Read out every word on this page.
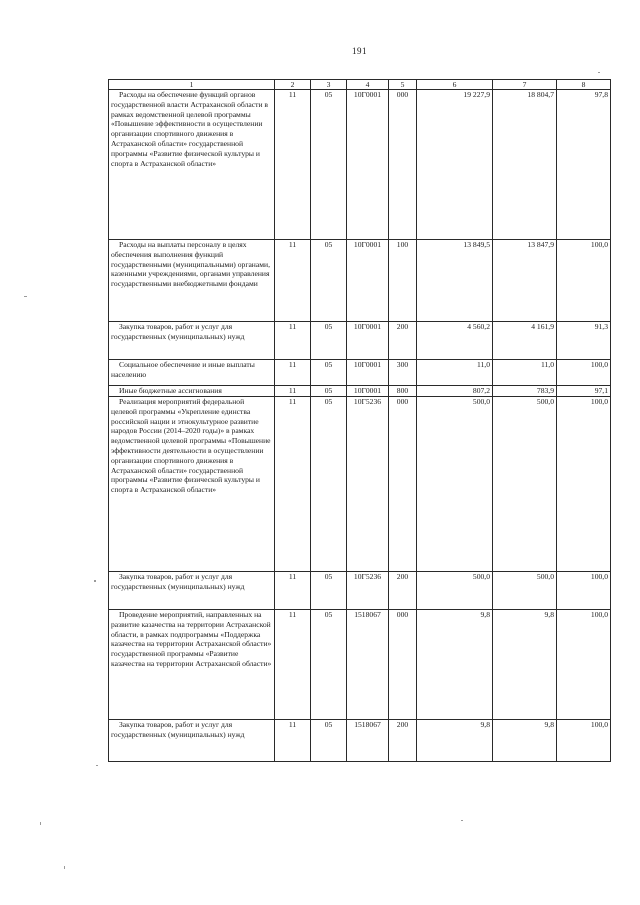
191
1	2	3	4	5	6	7	8

Расходы на обеспечение функций органов государственной власти Астраханской области в рамках ведомственной целевой программы «Повышение эффективности в осуществлении организации спортивного движения в Астраханской области» государственной программы «Развитие физической культуры и спорта в Астраханской области»	11	05	10Г0001	000	19 227,9	18 804,7	97,8

Расходы на выплаты персоналу в целях обеспечения выполнения функций государственными (муниципальными) органами, казенными учреждениями, органами управления государственными внебюджетными фондами	11	05	10Г0001	100	13 849,5	13 847,9	100,0

Закупка товаров, работ и услуг для государственных (муниципальных) нужд	11	05	10Г0001	200	4 560,2	4 161,9	91,3

Социальное обеспечение и иные выплаты населению	11	05	10Г0001	300	11,0	11,0	100,0

Иные бюджетные ассигнования	11	05	10Г0001	800	807,2	783,9	97,1

Реализация мероприятий федеральной целевой программы «Укрепление единства российской нации и этнокультурное развитие народов России (2014–2020 годы)» в рамках ведомственной целевой программы «Повышение эффективности деятельности в осуществлении организации спортивного движения в Астраханской области» государственной программы «Развитие физической культуры и спорта в Астраханской области»	11	05	10Г5236	000	500,0	500,0	100,0

Закупка товаров, работ и услуг для государственных (муниципальных) нужд	11	05	10Г5236	200	500,0	500,0	100,0

Проведение мероприятий, направленных на развитие казачества на территории Астраханской области, в рамках подпрограммы «Поддержка казачества на территории Астраханской области» государственной программы «Развитие казачества на территории Астраханской области»	11	05	1518067	000	9,8	9,8	100,0

Закупка товаров, работ и услуг для государственных (муниципальных) нужд	11	05	1518067	200	9,8	9,8	100,0
